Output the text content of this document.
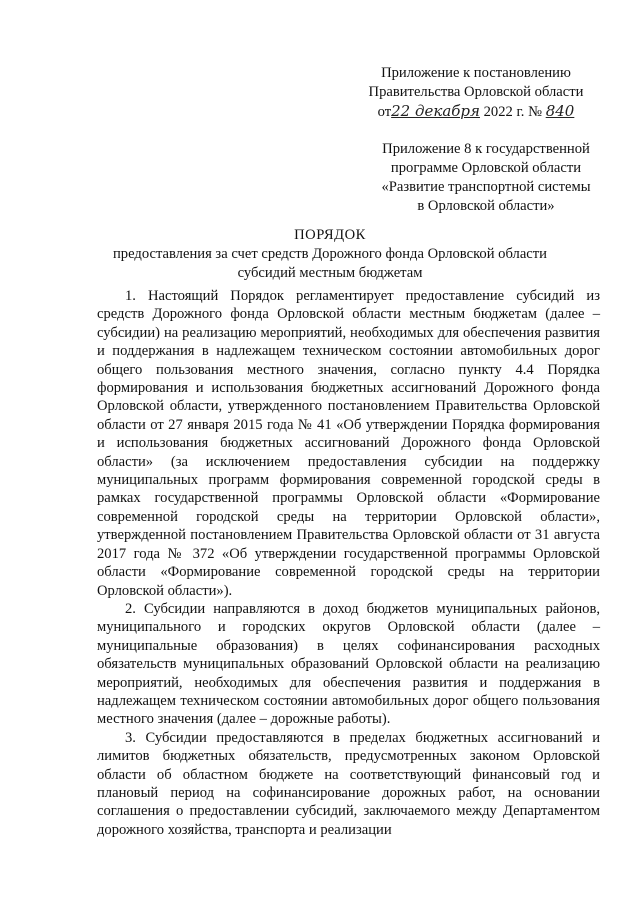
Приложение к постановлению
Правительства Орловской области
от22 декабря 2022 г. № 840
Приложение 8 к государственной
программе Орловской области
«Развитие транспортной системы
в Орловской области»
ПОРЯДОК
предоставления за счет средств Дорожного фонда Орловской области
субсидий местным бюджетам

1. Настоящий Порядок регламентирует предоставление субсидий из средств Дорожного фонда Орловской области местным бюджетам (далее – субсидии) на реализацию мероприятий, необходимых для обеспечения развития и поддержания в надлежащем техническом состоянии автомобильных дорог общего пользования местного значения, согласно пункту 4.4 Порядка формирования и использования бюджетных ассигнований Дорожного фонда Орловской области, утвержденного постановлением Правительства Орловской области от 27 января 2015 года № 41 «Об утверждении Порядка формирования и использования бюджетных ассигнований Дорожного фонда Орловской области» (за исключением предоставления субсидии на поддержку муниципальных программ формирования современной городской среды в рамках государственной программы Орловской области «Формирование современной городской среды на территории Орловской области», утвержденной постановлением Правительства Орловской области от 31 августа 2017 года № 372 «Об утверждении государственной программы Орловской области «Формирование современной городской среды на территории Орловской области»).

2. Субсидии направляются в доход бюджетов муниципальных районов, муниципального и городских округов Орловской области (далее – муниципальные образования) в целях софинансирования расходных обязательств муниципальных образований Орловской области на реализацию мероприятий, необходимых для обеспечения развития и поддержания в надлежащем техническом состоянии автомобильных дорог общего пользования местного значения (далее – дорожные работы).

3. Субсидии предоставляются в пределах бюджетных ассигнований и лимитов бюджетных обязательств, предусмотренных законом Орловской области об областном бюджете на соответствующий финансовый год и плановый период на софинансирование дорожных работ, на основании соглашения о предоставлении субсидий, заключаемого между Департаментом дорожного хозяйства, транспорта и реализации
